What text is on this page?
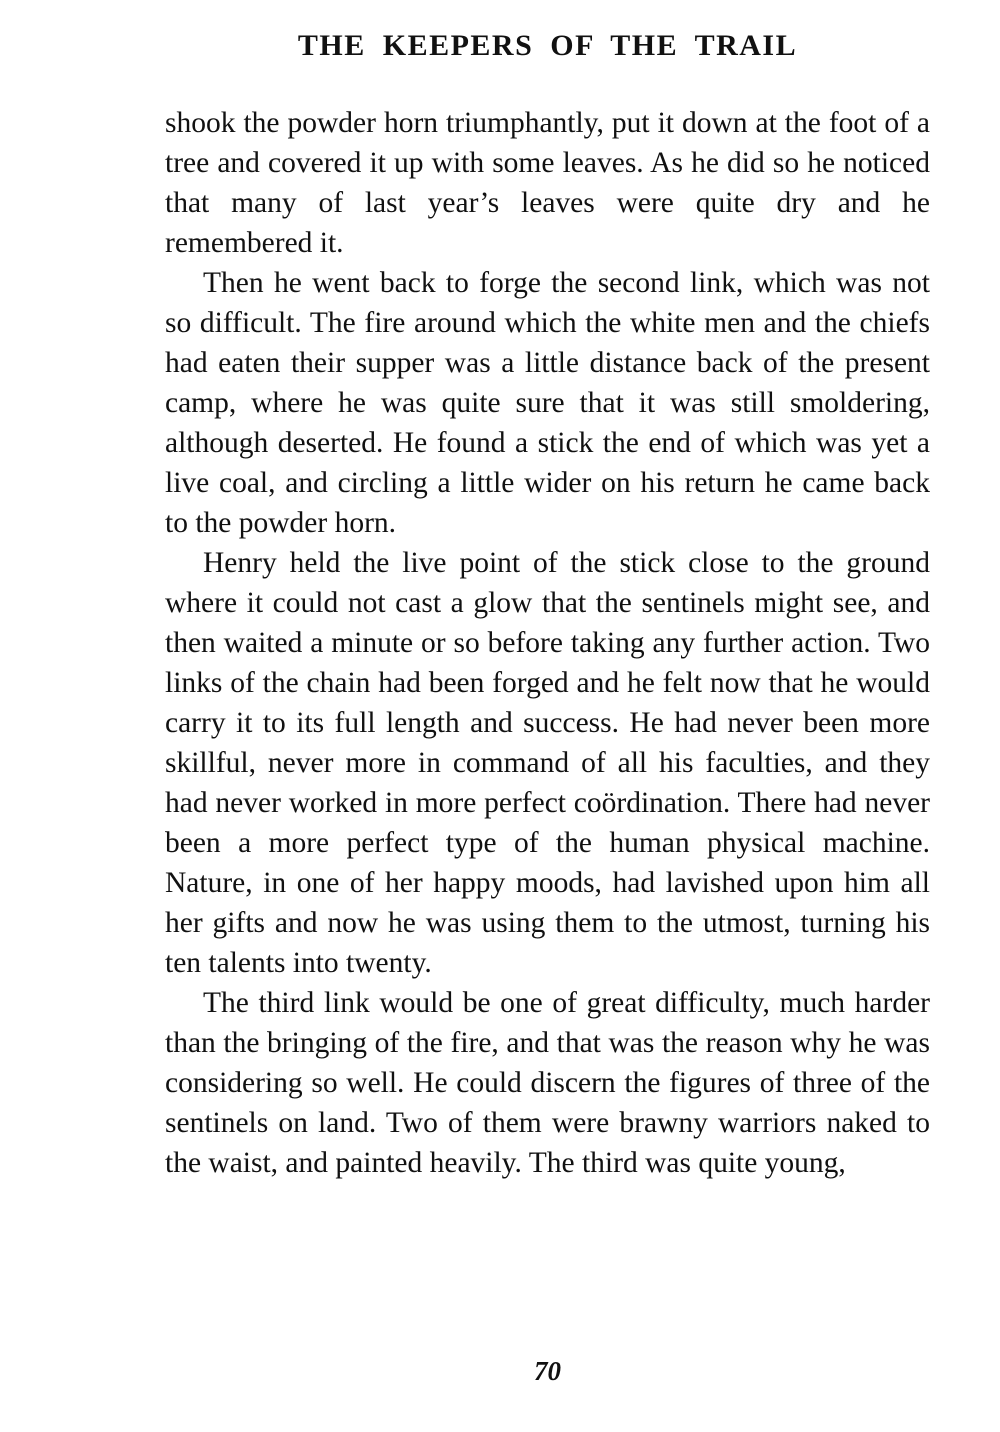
THE KEEPERS OF THE TRAIL

shook the powder horn triumphantly, put it down at the foot of a tree and covered it up with some leaves. As he did so he noticed that many of last year’s leaves were quite dry and he remembered it.

Then he went back to forge the second link, which was not so difficult. The fire around which the white men and the chiefs had eaten their supper was a little distance back of the present camp, where he was quite sure that it was still smoldering, although deserted. He found a stick the end of which was yet a live coal, and circling a little wider on his return he came back to the powder horn.

Henry held the live point of the stick close to the ground where it could not cast a glow that the sentinels might see, and then waited a minute or so before taking any further action. Two links of the chain had been forged and he felt now that he would carry it to its full length and success. He had never been more skillful, never more in command of all his faculties, and they had never worked in more perfect coördination. There had never been a more perfect type of the human physical machine. Nature, in one of her happy moods, had lavished upon him all her gifts and now he was using them to the utmost, turning his ten talents into twenty.

The third link would be one of great difficulty, much harder than the bringing of the fire, and that was the reason why he was considering so well. He could discern the figures of three of the sentinels on land. Two of them were brawny warriors naked to the waist, and painted heavily. The third was quite young,

70
